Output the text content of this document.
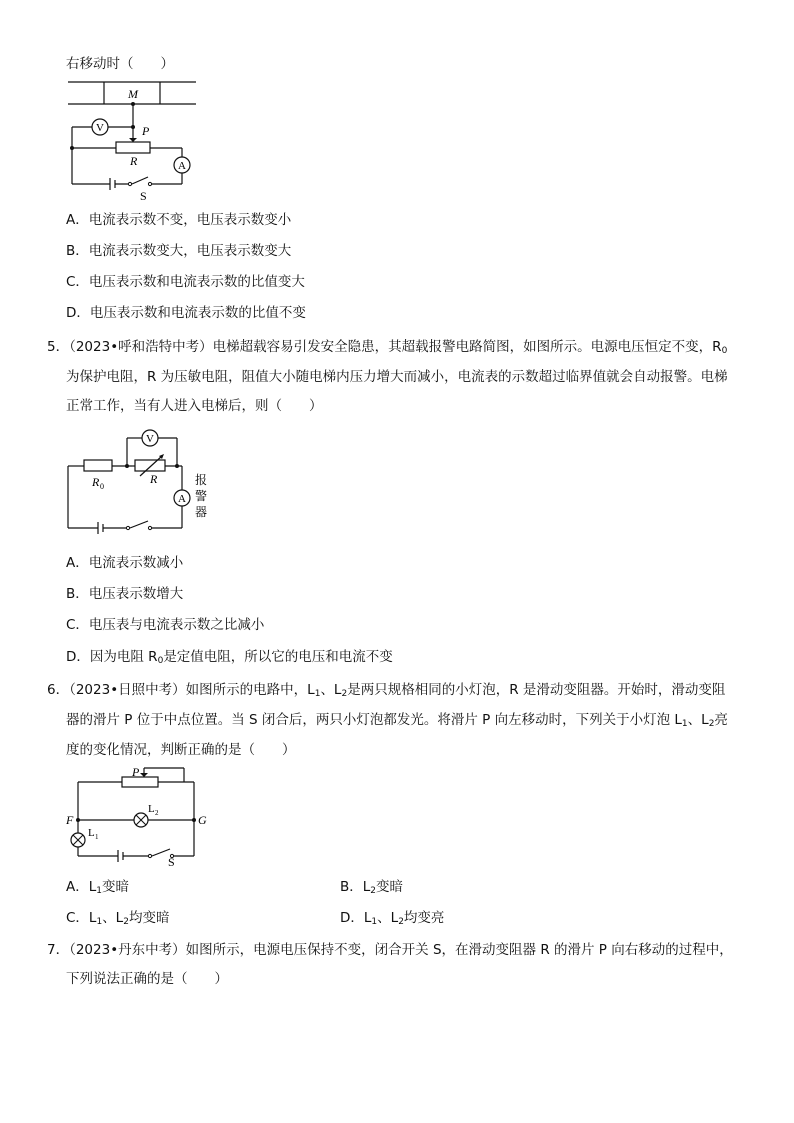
右移动时（　　）
V
A
M
P
R
S
A．电流表示数不变，电压表示数变小
B．电流表示数变大，电压表示数变大
C．电压表示数和电流表示数的比值变大
D．电压表示数和电流表示数的比值不变
5．（2023•呼和浩特中考）电梯超载容易引发安全隐患，其超载报警电路简图，如图所示。电源电压恒定不变，$R_0$
为保护电阻，R 为压敏电阻，阻值大小随电梯内压力增大而减小，电流表的示数超过临界值就会自动报警。电梯
正常工作，当有人进入电梯后，则（　　）
V
A
R
R 0	报
警
器
A．电流表示数减小
B．电压表示数增大
C．电压表与电流表示数之比减小
D．因为电阻 $R_0$是定值电阻，所以它的电压和电流不变
6．（2023•日照中考）如图所示的电路中，$L_1$、$L_2$是两只规格相同的小灯泡，R 是滑动变阻器。开始时，滑动变阻
器的滑片 P 位于中点位置。当 S 闭合后，两只小灯泡都发光。将滑片 P 向左移动时，下列关于小灯泡 $L_1$、$L_2$亮
度的变化情况，判断正确的是（　　）
P
F	G
L 2
L 1
S
A．$L_1$变暗	B．$L_2$变暗
C．$L_1$、$L_2$均变暗	D．$L_1$、$L_2$均变亮
7．（2023•丹东中考）如图所示，电源电压保持不变，闭合开关 S，在滑动变阻器 R 的滑片 P 向右移动的过程中，
下列说法正确的是（　　）
